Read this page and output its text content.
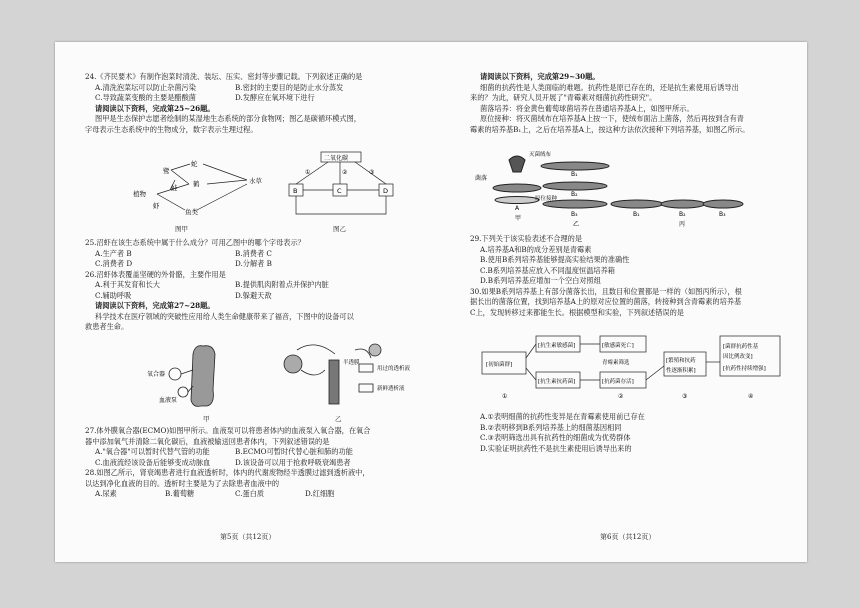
24.《齐民要术》有制作泡菜时清洗、装坛、压实、密封等步骤记载。下列叙述正确的是

A.清洗泡菜坛可以防止杂菌污染	B.密封的主要目的是防止水分蒸发
C.导致蔬菜变酸的主要是醋酸菌	D.发酵应在氧环境下进行

请阅读以下资料，完成第25~26题。

图甲是生态保护志愿者绘制的某湿地生态系统的部分食物网；图乙是碳循环模式图，

字母表示生态系统中的生物成分，数字表示生理过程。

鹭
蛇
鹤	水草
植物
蛙
鱼类
虾
图甲
二氧化碳
B	C	D
①	②	③
图乙

25.沼虾在该生态系统中属于什么成分？可用乙图中的哪个字母表示？

A.生产者 B	B.消费者 C
C.消费者 D	D.分解者 B

26.沼虾体表覆盖坚硬的外骨骼，主要作用是

A.利于其发育和长大	B.提供肌肉附着点并保护内脏
C.辅助呼吸	D.躲避天敌

请阅读以下资料，完成第27~28题。

科学技术在医疗领域的突破性应用给人类生命健康带来了福音，下图中的设备可以

救患者生命。

氧合器
血液泵
半透膜
用过的透析液
新鲜透析液
甲	乙

27.体外膜氧合器(ECMO)如图甲所示。血液泵可以将患者体内的血液泵入氧合器，在氧合

器中添加氧气并清除二氧化碳后，血液被输送回患者体内，下列叙述错误的是

A."氧合器"可以暂时代替气管的功能	B.ECMO可暂时代替心脏和肺的功能
C.血液流经该设备后能够变成动脉血	D.该设备可以用于抢救呼吸衰竭患者

28.如图乙所示，肾衰竭患者进行血液透析时，体内的代谢废物经半透膜过滤到透析液中，

以达到净化血液的目的。透析时主要是为了去除患者血液中的

A.尿素	B.葡萄糖	C.蛋白质	D.红细胞
第5页（共12页）

请阅读以下资料，完成第29~30题。

细菌的抗药性是人类面临的难题。抗药性是原已存在的，还是抗生素使用后诱导出

来的？为此，研究人员开展了"青霉素对细菌抗药性研究"。

菌落培养：将金黄色葡萄球菌培养在普通培养基A上，如图甲所示。

原位接种：将灭菌绒布在培养基A上按一下，使绒布面沾上菌落，然后再按到含有青

霉素的培养基B₁上，之后在培养基A上，按这种方法依次接种下列培养基，如图乙所示。

菌落
灭菌绒布
A
甲
原位接种
B₁
B₂
B₃
乙
B₁	B₂	B₃
丙

29.下列关于该实验表述不合理的是

A.培养基A和B的成分差别是青霉素

B.使用B系列培养基能够提高实验结果的准确性

C.B系列培养基应放入不同温度恒温培养箱

D.B系列培养基应增加一个空白对照组

30.如果B系列培养基上有部分菌落长出，且数目和位置都是一样的（如图丙所示），根

据长出的菌落位置，找到培养基A上的原对应位置的菌落，转接种到含青霉素的培养基

C上，发现转移过来都能生长。根据模型和实验，下列叙述错误的是

[初始菌群]
[抗生素敏感菌]
[抗生素抗药菌]
[敏感菌死亡]
[抗药菌存活]
青霉素筛选	[繁殖和抗药
性逐渐积累]
[菌群抗药性基
因比例改变]
[抗药性持续增强]
①	②	③	④

A.①表明细菌的抗药性变异是在青霉素使用前已存在

B.②表明移到B系列培养基上的细菌基因相同

C.③表明筛选出具有抗药性的细菌成为优势群体

D.实验证明抗药性不是抗生素使用后诱导出来的

第6页（共12页）
